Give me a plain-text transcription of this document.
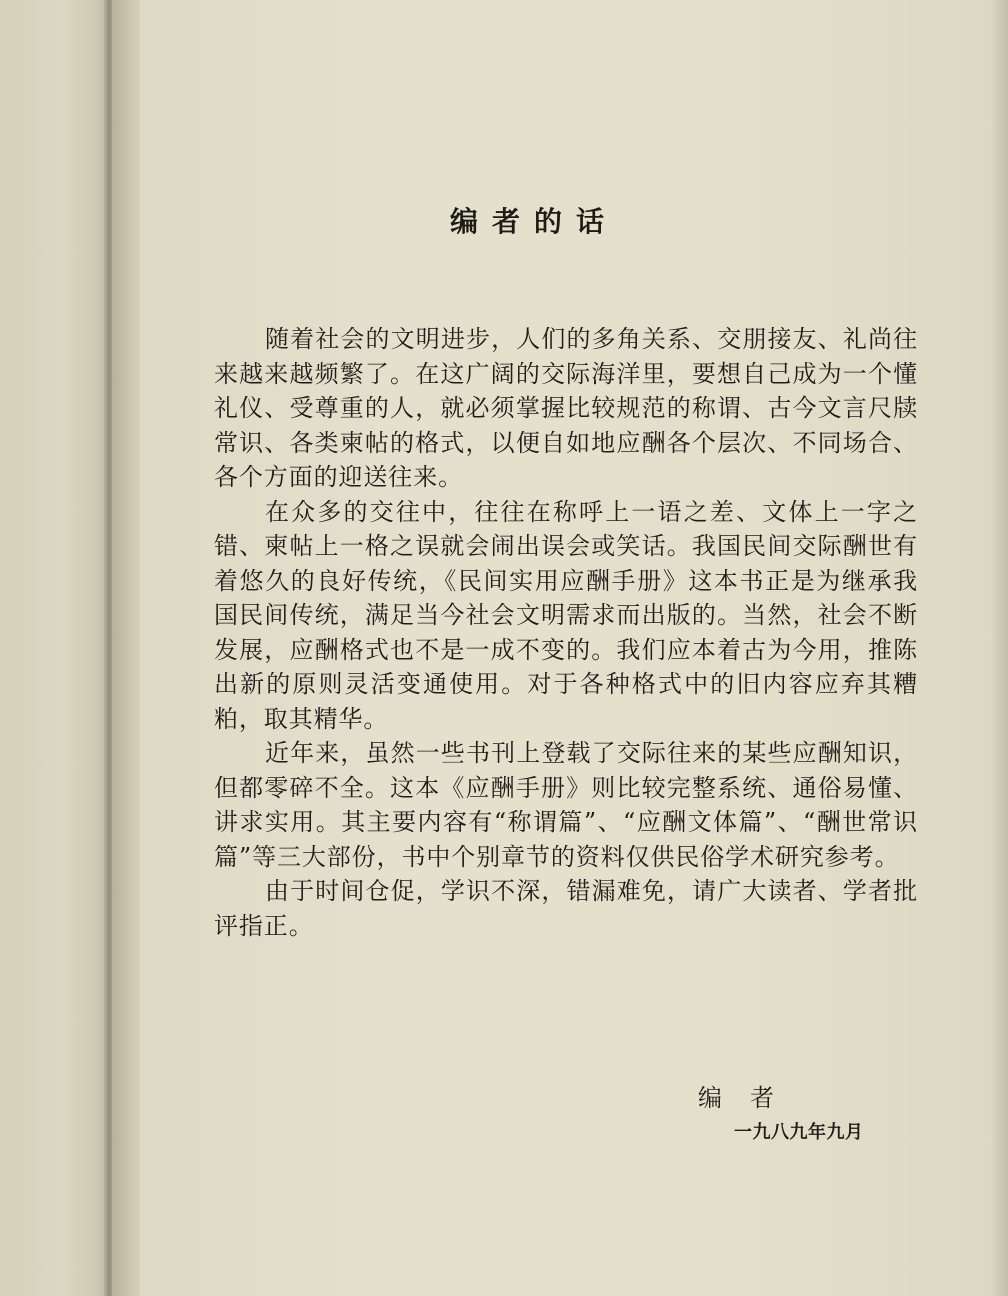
编者的话

随着社会的文明进步，人们的多角关系、交朋接友、礼尚往来越来越频繁了。在这广阔的交际海洋里，要想自己成为一个懂礼仪、受尊重的人，就必须掌握比较规范的称谓、古今文言尺牍常识、各类柬帖的格式，以便自如地应酬各个层次、不同场合、各个方面的迎送往来。

在众多的交往中，往往在称呼上一语之差、文体上一字之错、柬帖上一格之误就会闹出误会或笑话。我国民间交际酬世有着悠久的良好传统，《民间实用应酬手册》这本书正是为继承我国民间传统，满足当今社会文明需求而出版的。当然，社会不断发展，应酬格式也不是一成不变的。我们应本着古为今用，推陈出新的原则灵活变通使用。对于各种格式中的旧内容应弃其糟粕，取其精华。

近年来，虽然一些书刊上登载了交际往来的某些应酬知识，但都零碎不全。这本《应酬手册》则比较完整系统、通俗易懂、讲求实用。其主要内容有“称谓篇”、“应酬文体篇”、“酬世常识篇”等三大部份，书中个别章节的资料仅供民俗学术研究参考。

由于时间仓促，学识不深，错漏难免，请广大读者、学者批评指正。

编者
一九八九年九月
